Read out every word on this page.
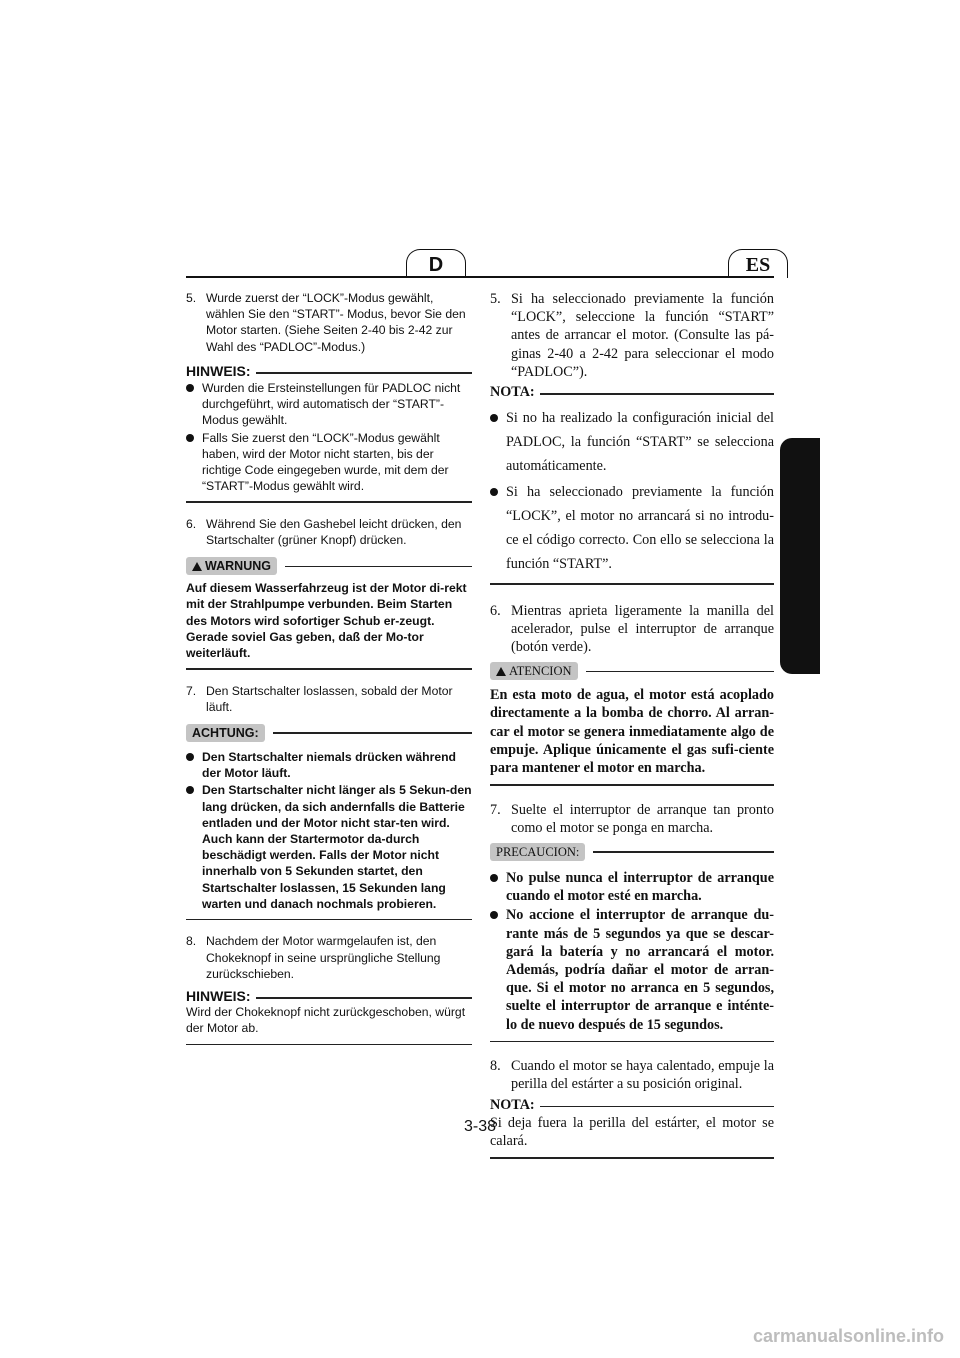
D	ES
5. Wurde zuerst der “LOCK”-Modus gewählt, wählen Sie den “START”- Modus, bevor Sie den Motor starten. (Siehe Seiten 2-40 bis 2-42 zur Wahl des “PADLOC”-Modus.)
HINWEIS:
Wurden die Ersteinstellungen für PADLOC nicht durchgeführt, wird automatisch der “START”-Modus gewählt.
Falls Sie zuerst den “LOCK”-Modus gewählt haben, wird der Motor nicht starten, bis der richtige Code eingegeben wurde, mit dem der “START”-Modus gewählt wird.
6. Während Sie den Gashebel leicht drücken, den Startschalter (grüner Knopf) drücken.
WARNUNG
Auf diesem Wasserfahrzeug ist der Motor di-rekt mit der Strahlpumpe verbunden. Beim Starten des Motors wird sofortiger Schub er-zeugt. Gerade soviel Gas geben, daß der Mo-tor weiterläuft.
7. Den Startschalter loslassen, sobald der Motor läuft.
ACHTUNG:
Den Startschalter niemals drücken während der Motor läuft.
Den Startschalter nicht länger als 5 Sekun-den lang drücken, da sich andernfalls die Batterie entladen und der Motor nicht star-ten wird. Auch kann der Startermotor da-durch beschädigt werden. Falls der Motor nicht innerhalb von 5 Sekunden startet, den Startschalter loslassen, 15 Sekunden lang warten und danach nochmals probieren.
8. Nachdem der Motor warmgelaufen ist, den Chokeknopf in seine ursprüngliche Stellung zurückschieben.
HINWEIS:
Wird der Chokeknopf nicht zurückgeschoben, würgt der Motor ab.
5. Si ha seleccionado previamente la función “LOCK”, seleccione la función “START” antes de arrancar el motor. (Consulte las pá-ginas 2-40 a 2-42 para seleccionar el modo “PADLOC”).
NOTA:
Si no ha realizado la configuración inicial del PADLOC, la función “START” se selecciona automáticamente.
Si ha seleccionado previamente la función “LOCK”, el motor no arrancará si no introdu-ce el código correcto. Con ello se selecciona la función “START”.
6. Mientras aprieta ligeramente la manilla del acelerador, pulse el interruptor de arranque (botón verde).
ATENCION
En esta moto de agua, el motor está acoplado directamente a la bomba de chorro. Al arran-car el motor se genera inmediatamente algo de empuje. Aplique únicamente el gas sufi-ciente para mantener el motor en marcha.
7. Suelte el interruptor de arranque tan pronto como el motor se ponga en marcha.
PRECAUCION:
No pulse nunca el interruptor de arranque cuando el motor esté en marcha.
No accione el interruptor de arranque du-rante más de 5 segundos ya que se descar-gará la batería y no arrancará el motor. Además, podría dañar el motor de arran-que. Si el motor no arranca en 5 segundos, suelte el interruptor de arranque e inténte-lo de nuevo después de 15 segundos.
8. Cuando el motor se haya calentado, empuje la perilla del estárter a su posición original.
NOTA:
Si deja fuera la perilla del estárter, el motor se calará.
3-38
carmanualsonline.info
